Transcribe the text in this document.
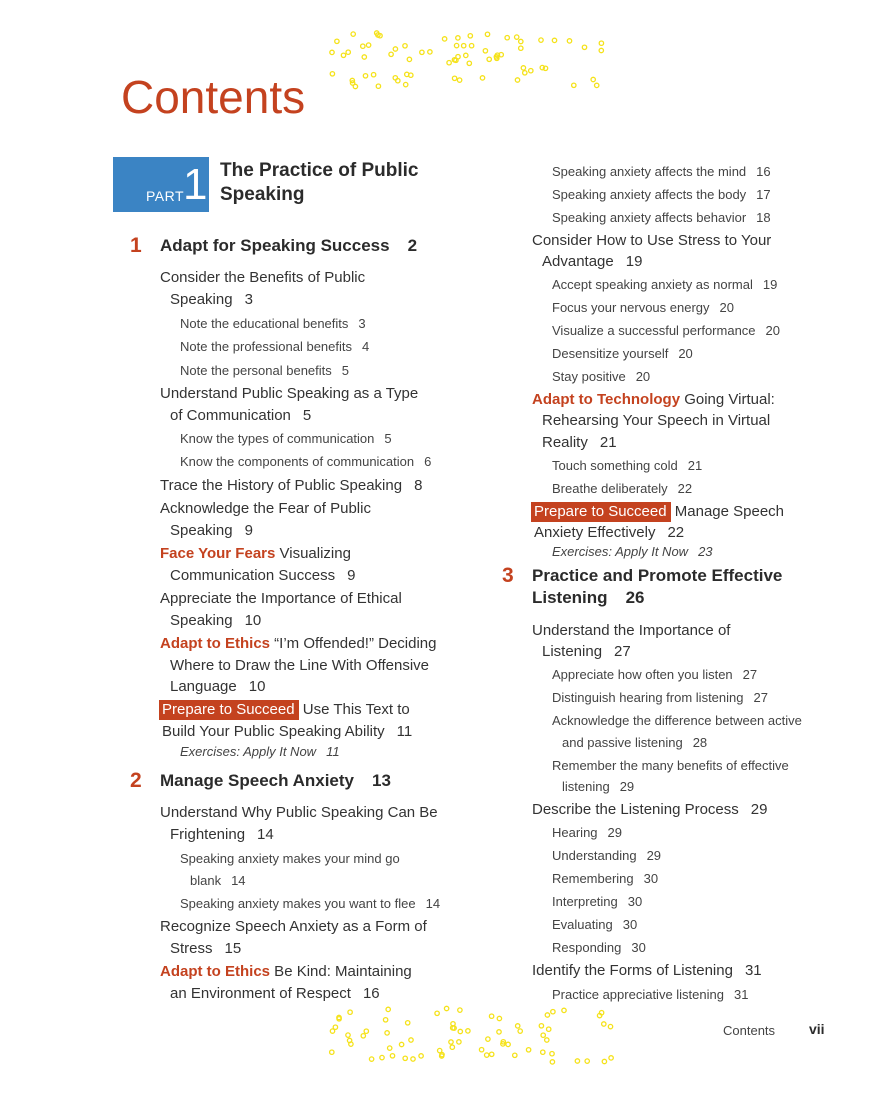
Contents
PART
1 The Practice of Public Speaking
1 Adapt for Speaking Success 2
Consider the Benefits of Public
Speaking 3
Note the educational benefits 3
Note the professional benefits 4
Note the personal benefits 5
Understand Public Speaking as a Type
of Communication 5
Know the types of communication 5
Know the components of communication 6
Trace the History of Public Speaking 8
Acknowledge the Fear of Public
Speaking 9
Face Your Fears Visualizing
Communication Success 9
Appreciate the Importance of Ethical
Speaking 10
Adapt to Ethics “I’m Offended!” Deciding
Where to Draw the Line With Offensive
Language 10
Prepare to Succeed Use This Text to
Build Your Public Speaking Ability 11
Exercises: Apply It Now 11
2 Manage Speech Anxiety 13
Understand Why Public Speaking Can Be
Frightening 14
Speaking anxiety makes your mind go
blank 14
Speaking anxiety makes you want to flee 14
Recognize Speech Anxiety as a Form of
Stress 15
Adapt to Ethics Be Kind: Maintaining
an Environment of Respect 16
Speaking anxiety affects the mind 16
Speaking anxiety affects the body 17
Speaking anxiety affects behavior 18
Consider How to Use Stress to Your
Advantage 19
Accept speaking anxiety as normal 19
Focus your nervous energy 20
Visualize a successful performance 20
Desensitize yourself 20
Stay positive 20
Adapt to Technology Going Virtual:
Rehearsing Your Speech in Virtual
Reality 21
Touch something cold 21
Breathe deliberately 22
Prepare to Succeed Manage Speech
Anxiety Effectively 22
Exercises: Apply It Now 23
3 Practice and Promote Effective
Listening 26
Understand the Importance of
Listening 27
Appreciate how often you listen 27
Distinguish hearing from listening 27
Acknowledge the difference between active
and passive listening 28
Remember the many benefits of effective
listening 29
Describe the Listening Process 29
Hearing 29
Understanding 29
Remembering 30
Interpreting 30
Evaluating 30
Responding 30
Identify the Forms of Listening 31
Practice appreciative listening 31
Contents vii
